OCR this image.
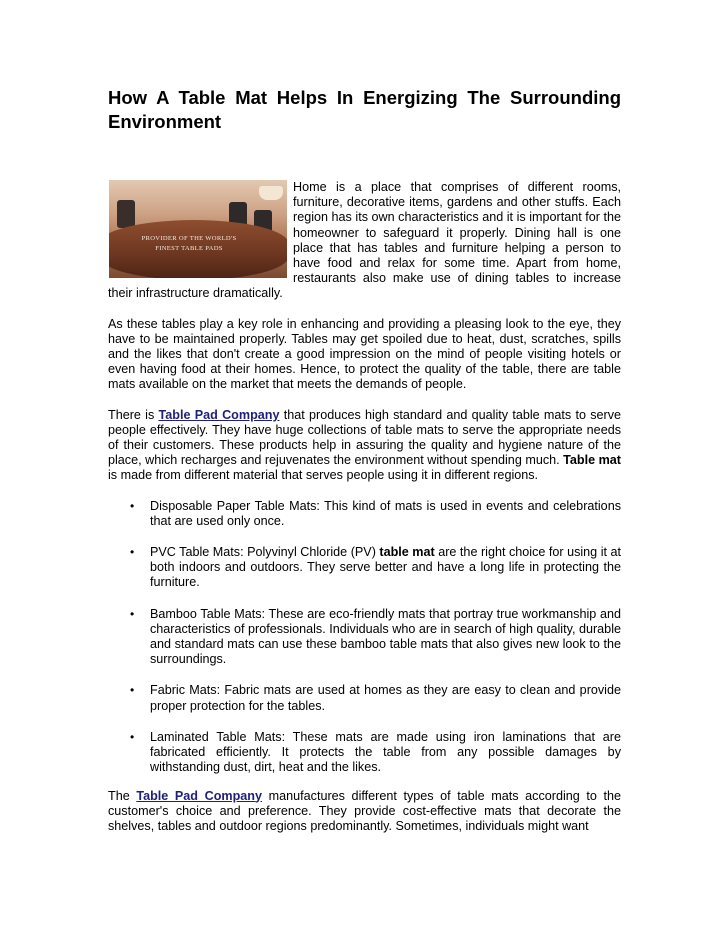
How A Table Mat Helps In Energizing The Surrounding Environment
PROVIDER OF THE WORLD'S
FINEST TABLE PADS

Home is a place that comprises of different rooms, furniture, decorative items, gardens and other stuffs. Each region has its own characteristics and it is important for the homeowner to safeguard it properly. Dining hall is one place that has tables and furniture helping a person to have food and relax for some time. Apart from home, restaurants also make use of dining tables to increase their infrastructure dramatically.

As these tables play a key role in enhancing and providing a pleasing look to the eye, they have to be maintained properly. Tables may get spoiled due to heat, dust, scratches, spills and the likes that don't create a good impression on the mind of people visiting hotels or even having food at their homes. Hence, to protect the quality of the table, there are table mats available on the market that meets the demands of people.

There is Table Pad Company that produces high standard and quality table mats to serve people effectively. They have huge collections of table mats to serve the appropriate needs of their customers. These products help in assuring the quality and hygiene nature of the place, which recharges and rejuvenates the environment without spending much. Table mat is made from different material that serves people using it in different regions.

• Disposable Paper Table Mats: This kind of mats is used in events and celebrations that are used only once.
• PVC Table Mats: Polyvinyl Chloride (PV) table mat are the right choice for using it at both indoors and outdoors. They serve better and have a long life in protecting the furniture.
• Bamboo Table Mats: These are eco-friendly mats that portray true workmanship and characteristics of professionals. Individuals who are in search of high quality, durable and standard mats can use these bamboo table mats that also gives new look to the surroundings.
• Fabric Mats: Fabric mats are used at homes as they are easy to clean and provide proper protection for the tables.
• Laminated Table Mats: These mats are made using iron laminations that are fabricated efficiently. It protects the table from any possible damages by withstanding dust, dirt, heat and the likes.

The Table Pad Company manufactures different types of table mats according to the customer's choice and preference. They provide cost-effective mats that decorate the shelves, tables and outdoor regions predominantly. Sometimes, individuals might want
